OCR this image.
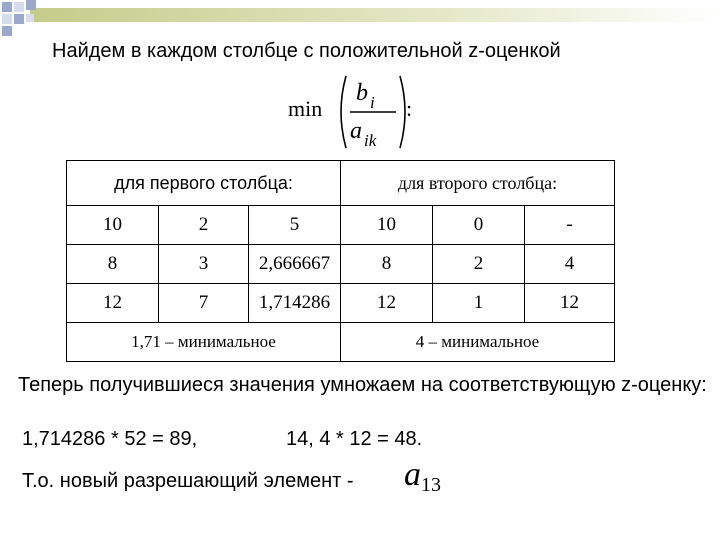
Найдем в каждом столбце с положительной z-оценкой
min
b i
a ik
:
для первого столбца:			для второго столбца:		
10	2	5	10	0	-
8	3	2,666667	8	2	4
12	7	1,714286	12	1	12
1,71 – минимальное			4 – минимальное		
Теперь получившиеся значения умножаем на соответствующую z-оценку:
1,714286 * 52 = 89,	14, 4 * 12 = 48.
Т.о. новый разрешающий элемент - a13
